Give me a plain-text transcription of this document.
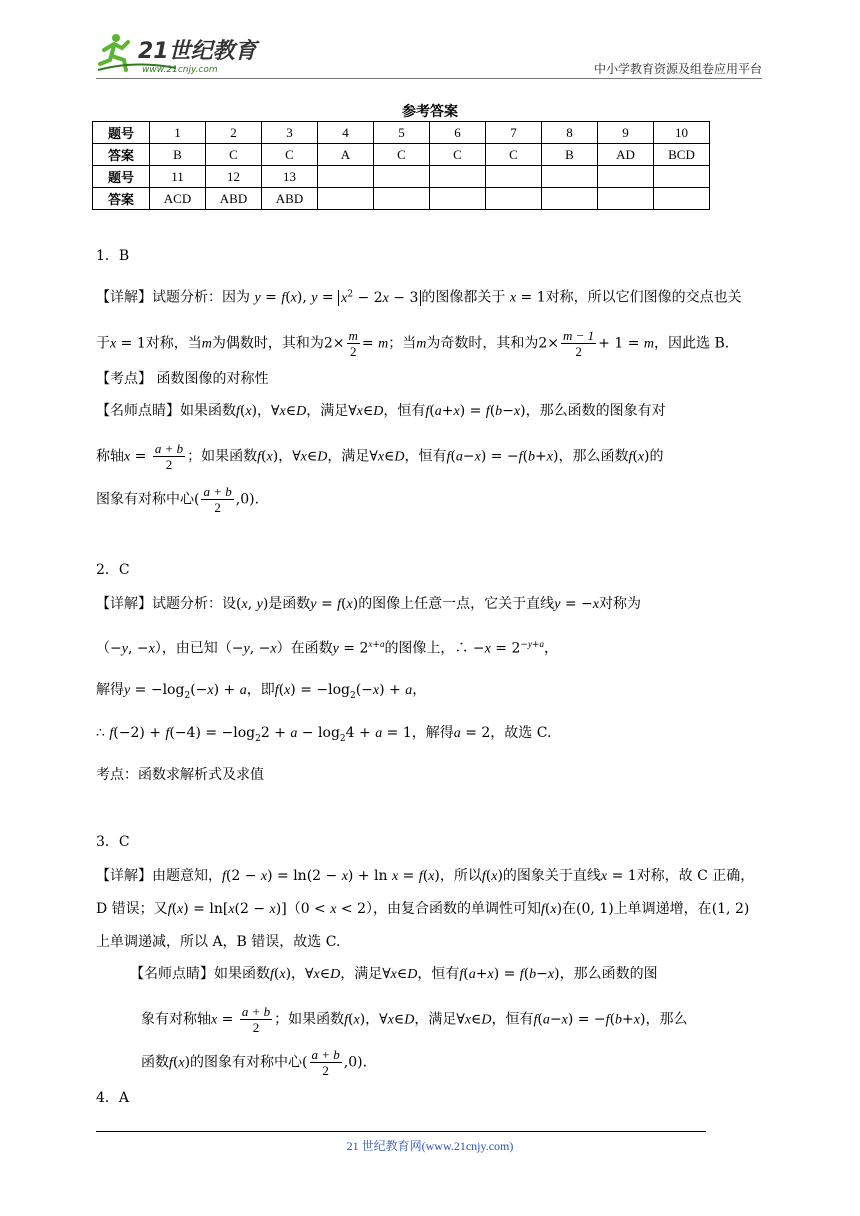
21世纪教育
www.21cnjy.com	中小学教育资源及组卷应用平台
参考答案
题号	1	2	3	4	5	6	7	8	9	10
答案	B	C	C	A	C	C	C	B	AD	BCD
题号	11	12	13							
答案	ACD	ABD	ABD							
1．B
【详解】试题分析：因为 y = f(x), $y = x^2 - 2x - 3$ 的图像都关于 x = 1对称，所以它们图像的交点也关
于x = 1对称，当m为偶数时，其和为$2\times \frac{m}{2} = m$；当m为奇数时，其和为$2\times \frac{m - 1}{2} + 1 = m$，因此选 B.
【考点】 函数图像的对称性
【名师点睛】如果函数f(x)，∀x∈D，满足∀x∈D，恒有f(a+x) = f(b−x)，那么函数的图象有对
称轴$x = \frac{a + b}{2}$ ；如果函数f(x)，∀x∈D，满足∀x∈D，恒有f(a−x) = −f(b+x)，那么函数f(x)的
图象有对称中心( $\frac{a + b}{2} ,0$).
2．C
【详解】试题分析：设(x, y)是函数y = f(x)的图像上任意一点，它关于直线y = −x对称为
（−y, −x），由已知（−y, −x）在函数$y = 2^{x+a}$的图像上，∴ $-x = 2^{-y+a}$，
解得$y = -\log_2(-x) + a$，即$f(x) = -\log_2(-x) + a$，
∴ $f(-2) + f(-4) = -\log_22 + a - \log_24 + a = 1$，解得a = 2，故选 C.
考点：函数求解析式及求值
3．C
【详解】由题意知，f(2 − x) = ln(2 − x) + ln x = f(x)，所以f(x)的图象关于直线x = 1对称，故 C 正确，
D 错误；又f(x) = ln[x(2 − x)]（0 < x < 2），由复合函数的单调性可知f(x)在(0, 1)上单调递增，在(1, 2)
上单调递减，所以 A，B 错误，故选 C.
【名师点睛】如果函数f(x)，∀x∈D，满足∀x∈D，恒有f(a+x) = f(b−x)，那么函数的图
象有对称轴$x = \frac{a + b}{2}$ ；如果函数f(x)，∀x∈D，满足∀x∈D，恒有f(a−x) = −f(b+x)，那么
函数f(x)的图象有对称中心( $\frac{a + b}{2} ,0$).
4．A
21 世纪教育网(www.21cnjy.com)
